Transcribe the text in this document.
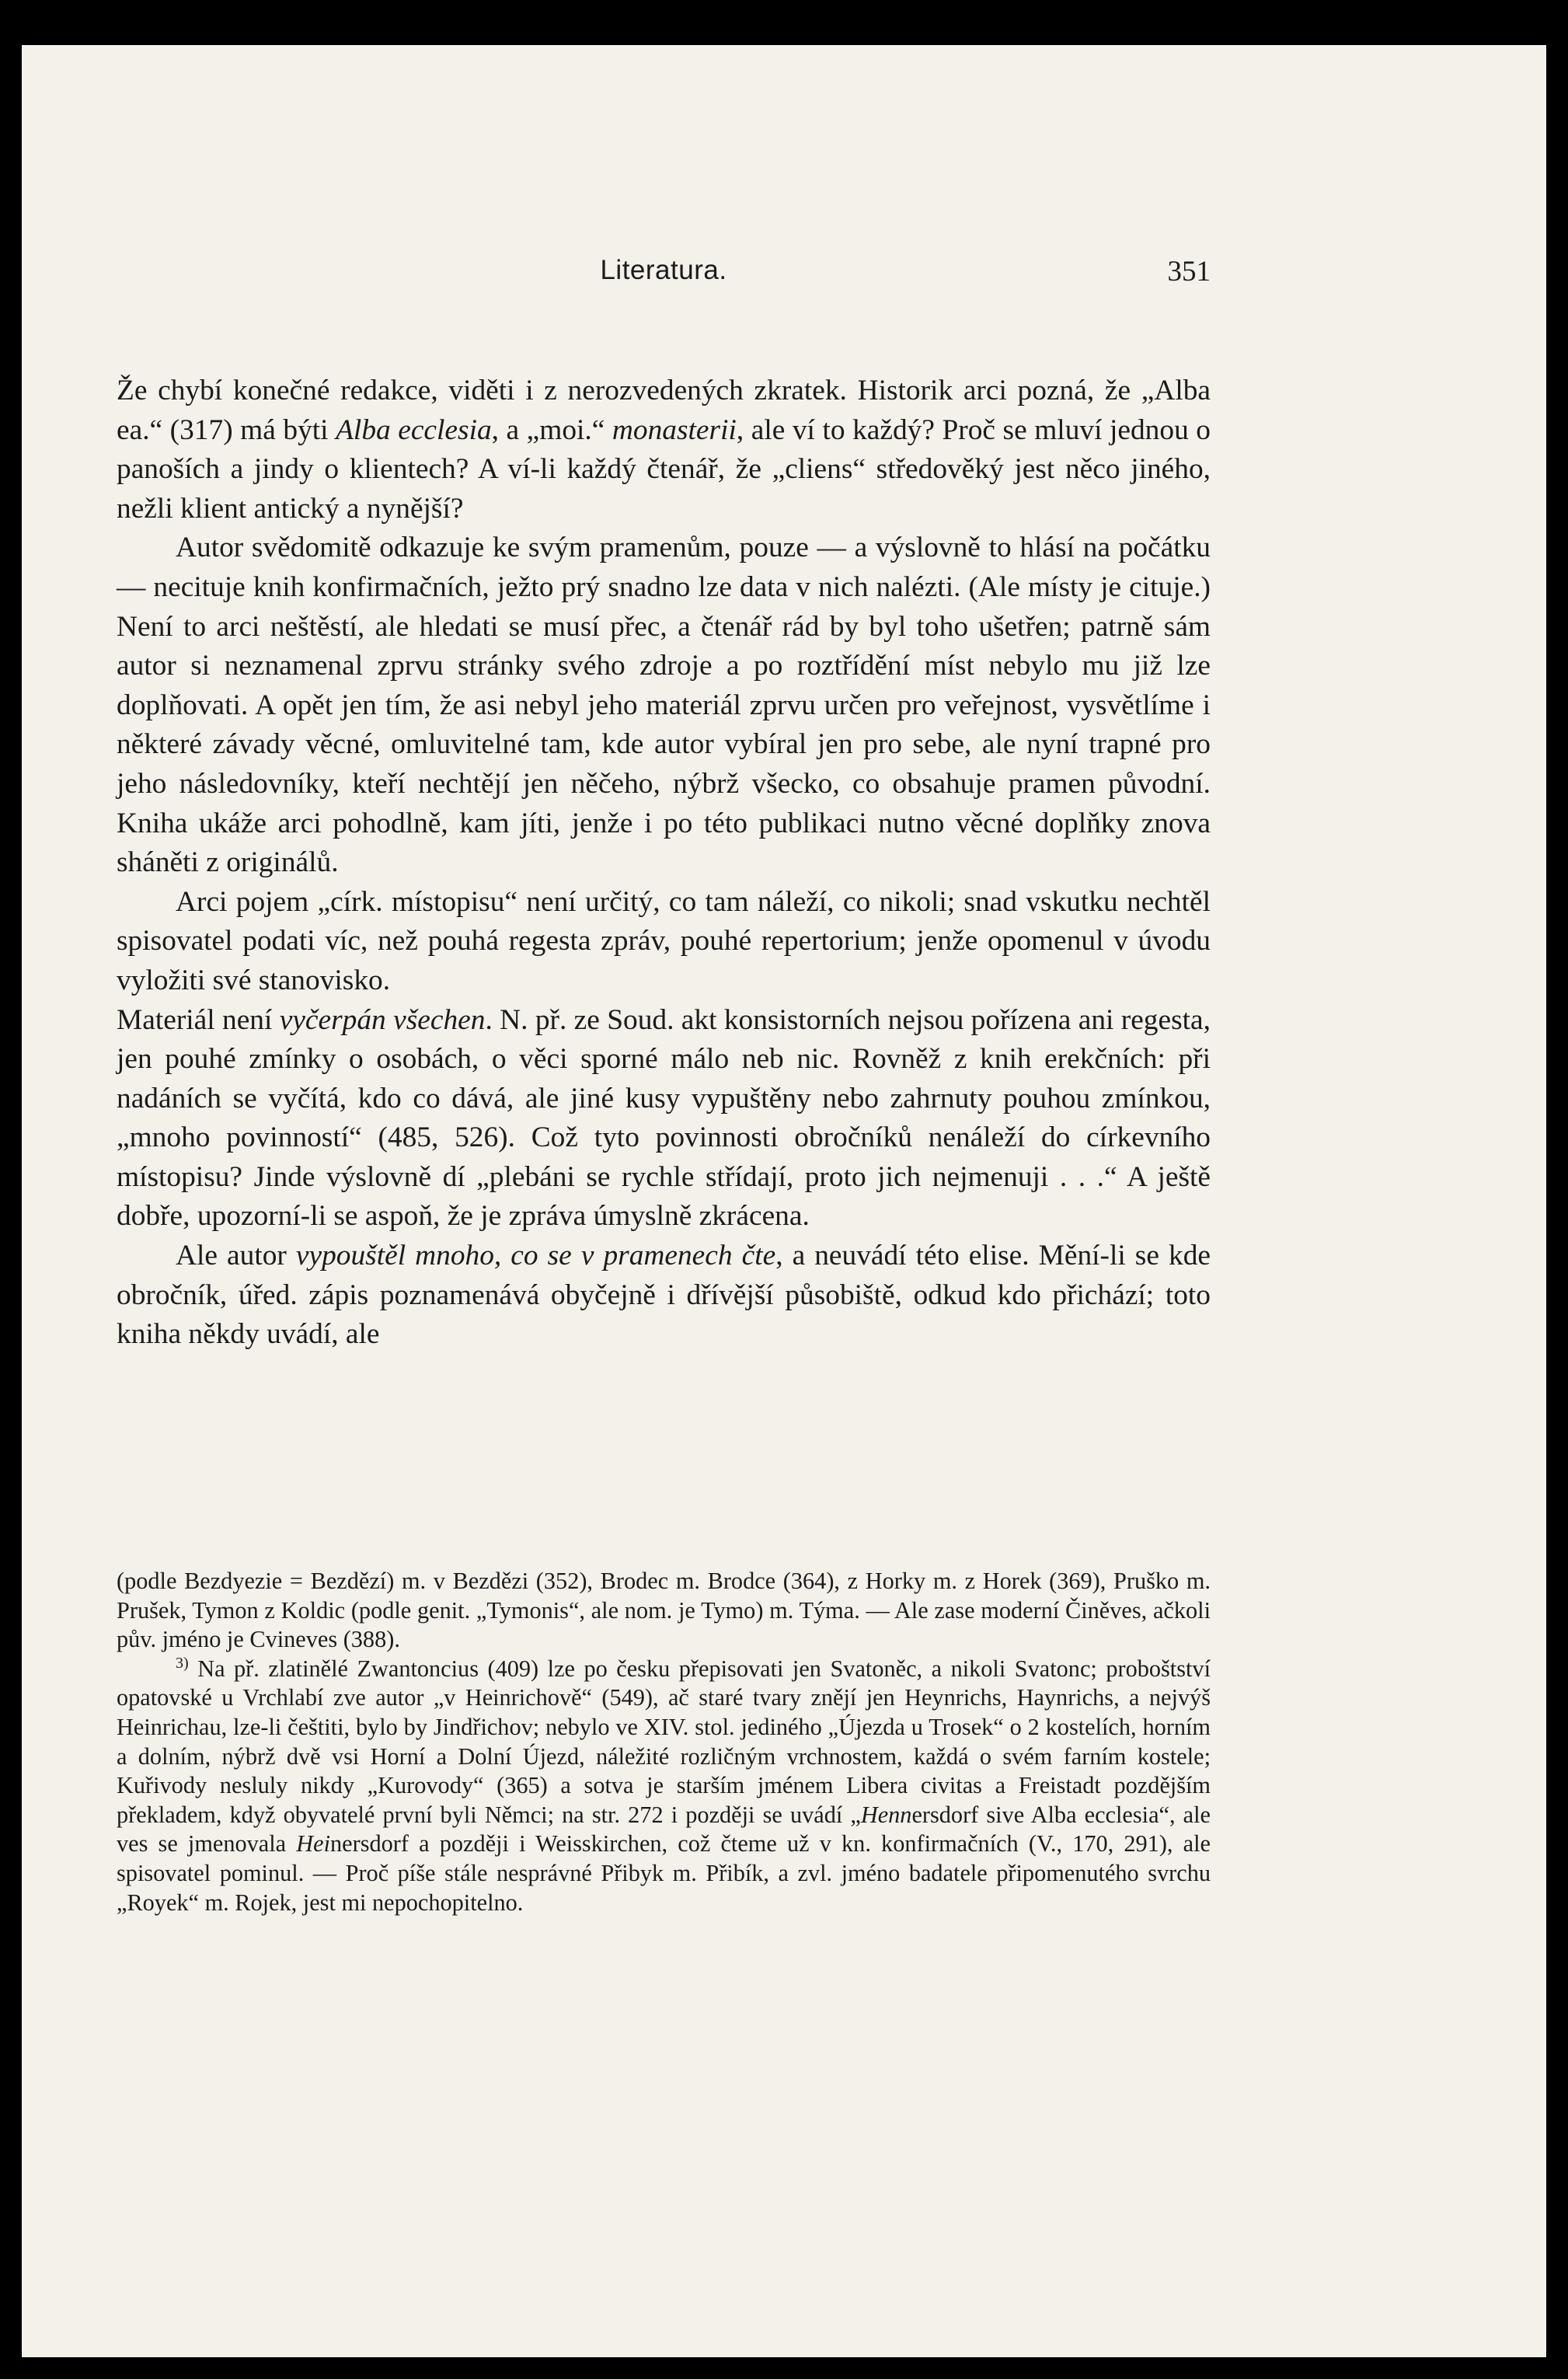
Literatura.	351

Že chybí konečné redakce, viděti i z nerozvedených zkratek. Historik arci pozná, že „Alba ea.“ (317) má býti Alba ecclesia, a „moi.“ monasterii, ale ví to každý? Proč se mluví jednou o panoších a jindy o klientech? A ví-li každý čtenář, že „cliens“ středověký jest něco jiného, nežli klient antický a nynější?

Autor svědomitě odkazuje ke svým pramenům, pouze — a výslovně to hlásí na počátku — necituje knih konfirmačních, ježto prý snadno lze data v nich nalézti. (Ale místy je cituje.) Není to arci neštěstí, ale hledati se musí přec, a čtenář rád by byl toho ušetřen; patrně sám autor si neznamenal zprvu stránky svého zdroje a po roztřídění míst nebylo mu již lze doplňovati. A opět jen tím, že asi nebyl jeho materiál zprvu určen pro veřejnost, vysvětlíme i některé závady věcné, omluvitelné tam, kde autor vybíral jen pro sebe, ale nyní trapné pro jeho následovníky, kteří nechtějí jen něčeho, nýbrž všecko, co obsahuje pramen původní. Kniha ukáže arci pohodlně, kam jíti, jenže i po této publikaci nutno věcné doplňky znova sháněti z originálů.

Arci pojem „círk. místopisu“ není určitý, co tam náleží, co nikoli; snad vskutku nechtěl spisovatel podati víc, než pouhá regesta zpráv, pouhé repertorium; jenže opomenul v úvodu vyložiti své stanovisko.

Materiál není vyčerpán všechen. N. př. ze Soud. akt konsistorních nejsou pořízena ani regesta, jen pouhé zmínky o osobách, o věci sporné málo neb nic. Rovněž z knih erekčních: při nadáních se vyčítá, kdo co dává, ale jiné kusy vypuštěny nebo zahrnuty pouhou zmínkou, „mnoho povinností“ (485, 526). Což tyto povinnosti obročníků nenáleží do církevního místopisu? Jinde výslovně dí „plebáni se rychle střídají, proto jich nejmenuji . . .“ A ještě dobře, upozorní-li se aspoň, že je zpráva úmyslně zkrácena.

Ale autor vypouštěl mnoho, co se v pramenech čte, a neuvádí této elise. Mění-li se kde obročník, úřed. zápis poznamenává obyčejně i dřívější působiště, odkud kdo přichází; toto kniha někdy uvádí, ale

(podle Bezdyezie = Bezdězí) m. v Bezdězi (352), Brodec m. Brodce (364), z Horky m. z Horek (369), Pruško m. Prušek, Tymon z Koldic (podle genit. „Tymonis“, ale nom. je Tymo) m. Týma. — Ale zase moderní Činěves, ačkoli pův. jméno je Cvineves (388).

$^{3)}$ Na př. zlatinělé Zwantoncius (409) lze po česku přepisovati jen Svatoněc, a nikoli Svatonc; proboštství opatovské u Vrchlabí zve autor „v Heinrichově“ (549), ač staré tvary znějí jen Heynrichs, Haynrichs, a nejvýš Heinrichau, lze-li češtiti, bylo by Jindřichov; nebylo ve XIV. stol. jediného „Újezda u Trosek“ o 2 kostelích, horním a dolním, nýbrž dvě vsi Horní a Dolní Újezd, náležité rozličným vrchnostem, každá o svém farním kostele; Kuřivody nesluly nikdy „Kurovody“ (365) a sotva je starším jménem Libera civitas a Freistadt pozdějším překladem, když obyvatelé první byli Němci; na str. 272 i později se uvádí „Hennersdorf sive Alba ecclesia“, ale ves se jmenovala Heinersdorf a později i Weisskirchen, což čteme už v kn. konfirmačních (V., 170, 291), ale spisovatel pominul. — Proč píše stále nesprávné Přibyk m. Přibík, a zvl. jméno badatele připomenutého svrchu „Royek“ m. Rojek, jest mi nepochopitelno.
